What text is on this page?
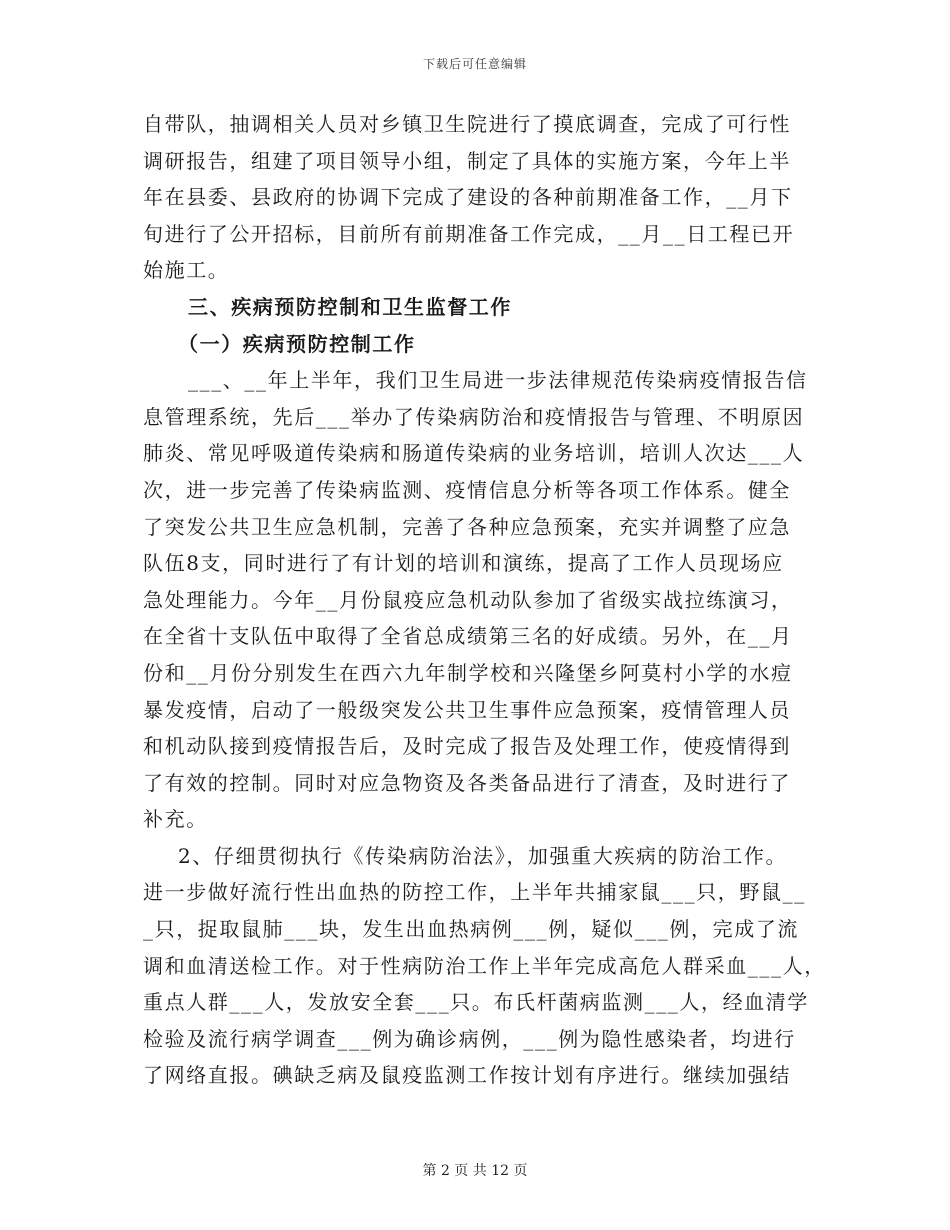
下载后可任意编辑
自带队，抽调相关人员对乡镇卫生院进行了摸底调查，完成了可行性
调研报告，组建了项目领导小组，制定了具体的实施方案，今年上半
年在县委、县政府的协调下完成了建设的各种前期准备工作，__月下
旬进行了公开招标，目前所有前期准备工作完成，__月__日工程已开
始施工。
三、疾病预防控制和卫生监督工作
（一）疾病预防控制工作
___、__年上半年，我们卫生局进一步法律规范传染病疫情报告信
息管理系统，先后___举办了传染病防治和疫情报告与管理、不明原因
肺炎、常见呼吸道传染病和肠道传染病的业务培训，培训人次达___人
次，进一步完善了传染病监测、疫情信息分析等各项工作体系。健全
了突发公共卫生应急机制，完善了各种应急预案，充实并调整了应急
队伍8支，同时进行了有计划的培训和演练，提高了工作人员现场应
急处理能力。今年__月份鼠疫应急机动队参加了省级实战拉练演习，
在全省十支队伍中取得了全省总成绩第三名的好成绩。另外，在__月
份和__月份分别发生在西六九年制学校和兴隆堡乡阿莫村小学的水痘
暴发疫情，启动了一般级突发公共卫生事件应急预案，疫情管理人员
和机动队接到疫情报告后，及时完成了报告及处理工作，使疫情得到
了有效的控制。同时对应急物资及各类备品进行了清查，及时进行了
补充。
2、仔细贯彻执行《传染病防治法》，加强重大疾病的防治工作。
进一步做好流行性出血热的防控工作，上半年共捕家鼠___只，野鼠__
_只，捉取鼠肺___块，发生出血热病例___例，疑似___例，完成了流
调和血清送检工作。对于性病防治工作上半年完成高危人群采血___人，
重点人群___人，发放安全套___只。布氏杆菌病监测___人，经血清学
检验及流行病学调查___例为确诊病例，___例为隐性感染者，均进行
了网络直报。碘缺乏病及鼠疫监测工作按计划有序进行。继续加强结
第 2 页 共 12 页
